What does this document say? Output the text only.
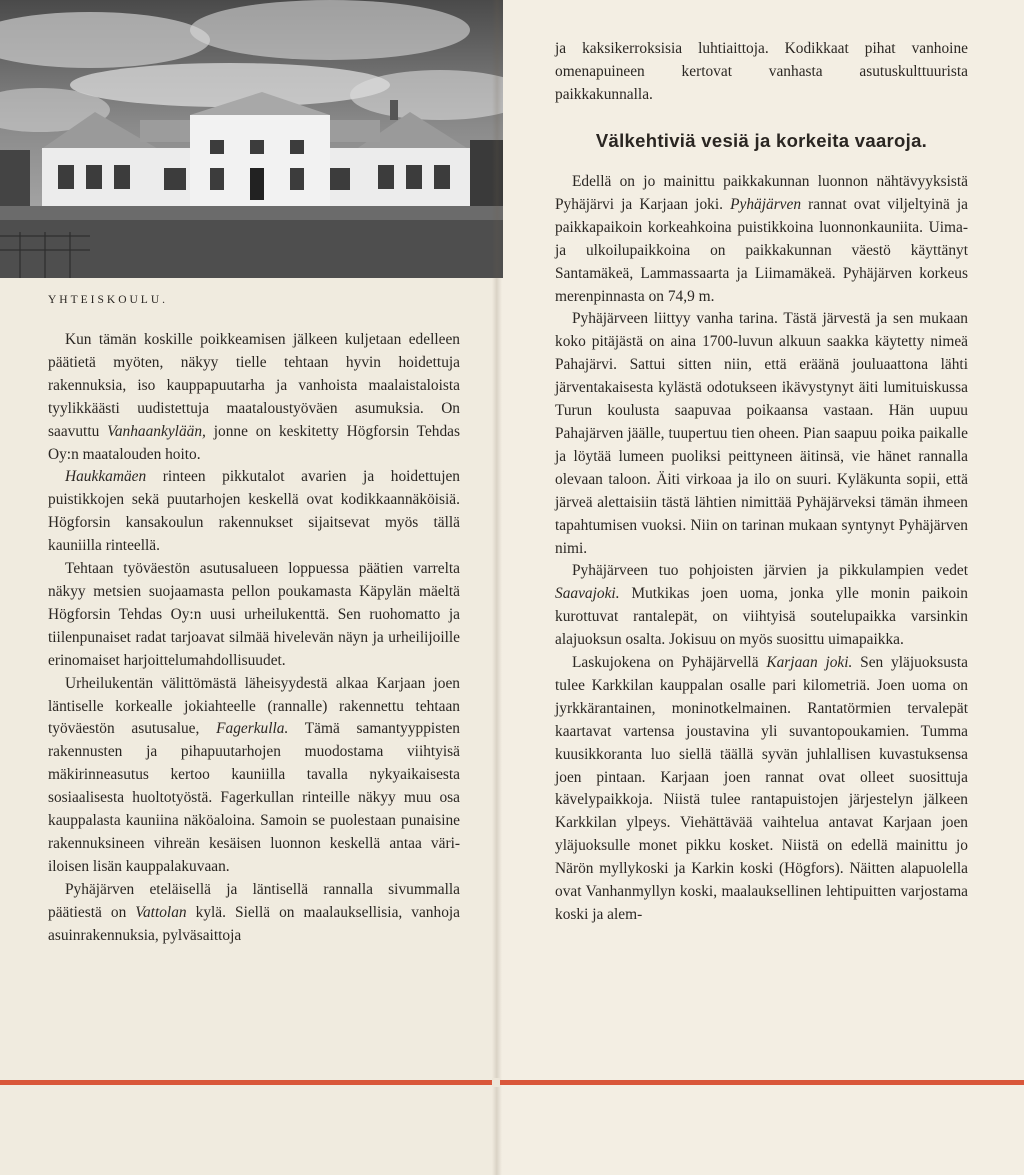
YHTEISKOULU.

Kun tämän koskille poikkeamisen jälkeen kuljetaan edelleen päätietä myöten, näkyy tielle tehtaan hyvin hoidettuja rakennuksia, iso kauppapuutarha ja vanhoista maalaistaloista tyylikkäästi uudistettuja maataloustyöväen asumuksia. On saavuttu Vanhaankylään, jonne on keskitetty Högforsin Tehdas Oy:n maatalouden hoito.

Haukkamäen rinteen pikkutalot avarien ja hoidettujen puistikkojen sekä puutarhojen keskellä ovat kodikkaannäköisiä. Högforsin kansakoulun rakennukset sijaitsevat myös tällä kauniilla rinteellä.

Tehtaan työväestön asutusalueen loppuessa päätien varrelta näkyy metsien suojaamasta pellon poukamasta Käpylän mäeltä Högforsin Tehdas Oy:n uusi urheilukenttä. Sen ruohomatto ja tiilenpunaiset radat tarjoavat silmää hivelevän näyn ja urheilijoille erinomaiset harjoittelumahdollisuudet.

Urheilukentän välittömästä läheisyydestä alkaa Karjaan joen läntiselle korkealle jokiahteelle (rannalle) rakennettu tehtaan työväestön asutusalue, Fagerkulla. Tämä samantyyppisten rakennusten ja pihapuutarhojen muodostama viihtyisä mäkirinneasutus kertoo kauniilla tavalla nykyaikaisesta sosiaalisesta huoltotyöstä. Fagerkullan rinteille näkyy muu osa kauppalasta kauniina näköaloina. Samoin se puolestaan punaisine rakennuksineen vihreän kesäisen luonnon keskellä antaa väri-iloisen lisän kauppalakuvaan.

Pyhäjärven eteläisellä ja läntisellä rannalla sivummalla päätiestä on Vattolan kylä. Siellä on maalauksellisia, vanhoja asuinrakennuksia, pylväsaittoja

ja kaksikerroksisia luhtiaittoja. Kodikkaat pihat vanhoine omenapuineen kertovat vanhasta asutuskulttuurista paikkakunnalla.

Välkehtiviä vesiä ja korkeita vaaroja.

Edellä on jo mainittu paikkakunnan luonnon nähtävyyksistä Pyhäjärvi ja Karjaan joki. Pyhäjärven rannat ovat viljeltyinä ja paikkapaikoin korkeahkoina puistikkoina luonnonkauniita. Uima- ja ulkoilupaikkoina on paikkakunnan väestö käyttänyt Santamäkeä, Lammassaarta ja Liimamäkeä. Pyhäjärven korkeus merenpinnasta on 74,9 m.

Pyhäjärveen liittyy vanha tarina. Tästä järvestä ja sen mukaan koko pitäjästä on aina 1700-luvun alkuun saakka käytetty nimeä Pahajärvi. Sattui sitten niin, että eräänä jouluaattona lähti järventakaisesta kylästä odotukseen ikävystynyt äiti lumituiskussa Turun koulusta saapuvaa poikaansa vastaan. Hän uupuu Pahajärven jäälle, tuupertuu tien oheen. Pian saapuu poika paikalle ja löytää lumeen puoliksi peittyneen äitinsä, vie hänet rannalla olevaan taloon. Äiti virkoaa ja ilo on suuri. Kyläkunta sopii, että järveä alettaisiin tästä lähtien nimittää Pyhäjärveksi tämän ihmeen tapahtumisen vuoksi. Niin on tarinan mukaan syntynyt Pyhäjärven nimi.

Pyhäjärveen tuo pohjoisten järvien ja pikkulampien vedet Saavajoki. Mutkikas joen uoma, jonka ylle monin paikoin kurottuvat rantalepät, on viihtyisä soutelupaikka varsinkin alajuoksun osalta. Jokisuu on myös suosittu uimapaikka.

Laskujokena on Pyhäjärvellä Karjaan joki. Sen yläjuoksusta tulee Karkkilan kauppalan osalle pari kilometriä. Joen uoma on jyrkkärantainen, moninotkelmainen. Rantatörmien tervalepät kaartavat vartensa joustavina yli suvantopoukamien. Tumma kuusikkoranta luo siellä täällä syvän juhlallisen kuvastuksensa joen pintaan. Karjaan joen rannat ovat olleet suosittuja kävelypaikkoja. Niistä tulee rantapuistojen järjestelyn jälkeen Karkkilan ylpeys. Viehättävää vaihtelua antavat Karjaan joen yläjuoksulle monet pikku kosket. Niistä on edellä mainittu jo Närön myllykoski ja Karkin koski (Högfors). Näitten alapuolella ovat Vanhanmyllyn koski, maalauksellinen lehtipuitten varjostama koski ja alem-
